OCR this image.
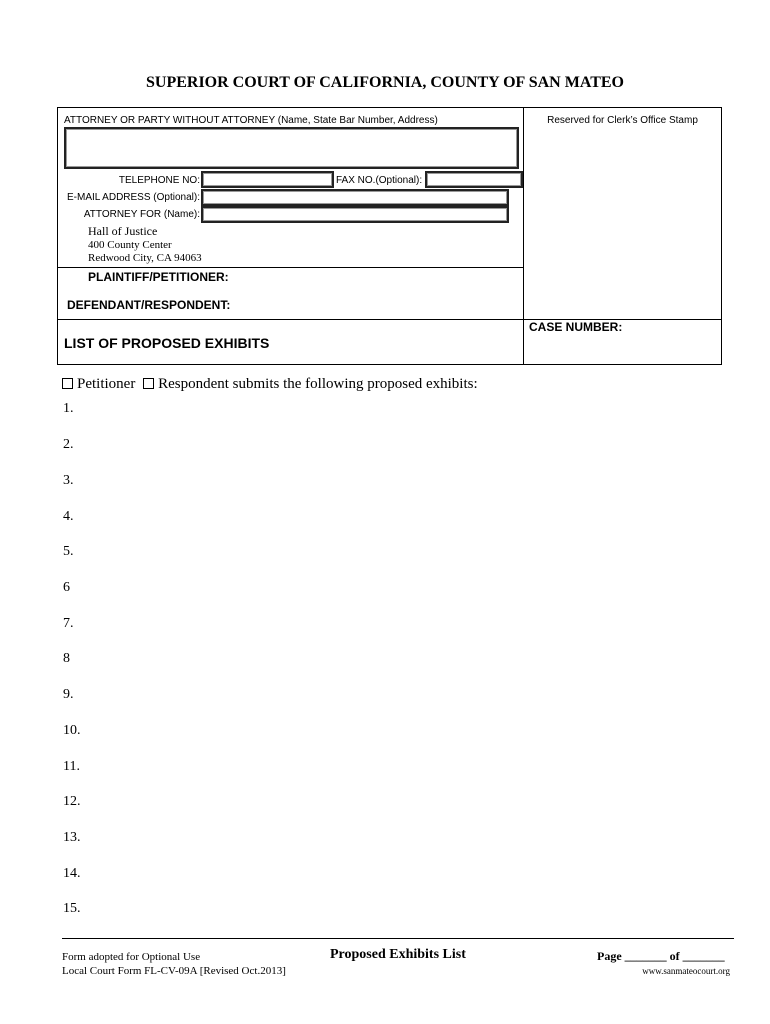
SUPERIOR COURT OF CALIFORNIA, COUNTY OF SAN MATEO
ATTORNEY OR PARTY WITHOUT ATTORNEY (Name, State Bar Number, Address)	Reserved for Clerk’s Office Stamp
TELEPHONE NO:	FAX NO.(Optional):
E-MAIL ADDRESS (Optional):
ATTORNEY FOR (Name):
Hall of Justice
400 County Center
Redwood City, CA 94063
PLAINTIFF/PETITIONER:
DEFENDANT/RESPONDENT:
LIST OF PROPOSED EXHIBITS
CASE NUMBER:
Petitioner Respondent submits the following proposed exhibits:
1.
2.
3.
4.
5.
6
7.
8
9.
10.
11.
12.
13.
14.
15.
Form adopted for Optional Use
Local Court Form FL-CV-09A [Revised Oct.2013]
Proposed Exhibits List	Page _______ of _______
www.sanmateocourt.org
